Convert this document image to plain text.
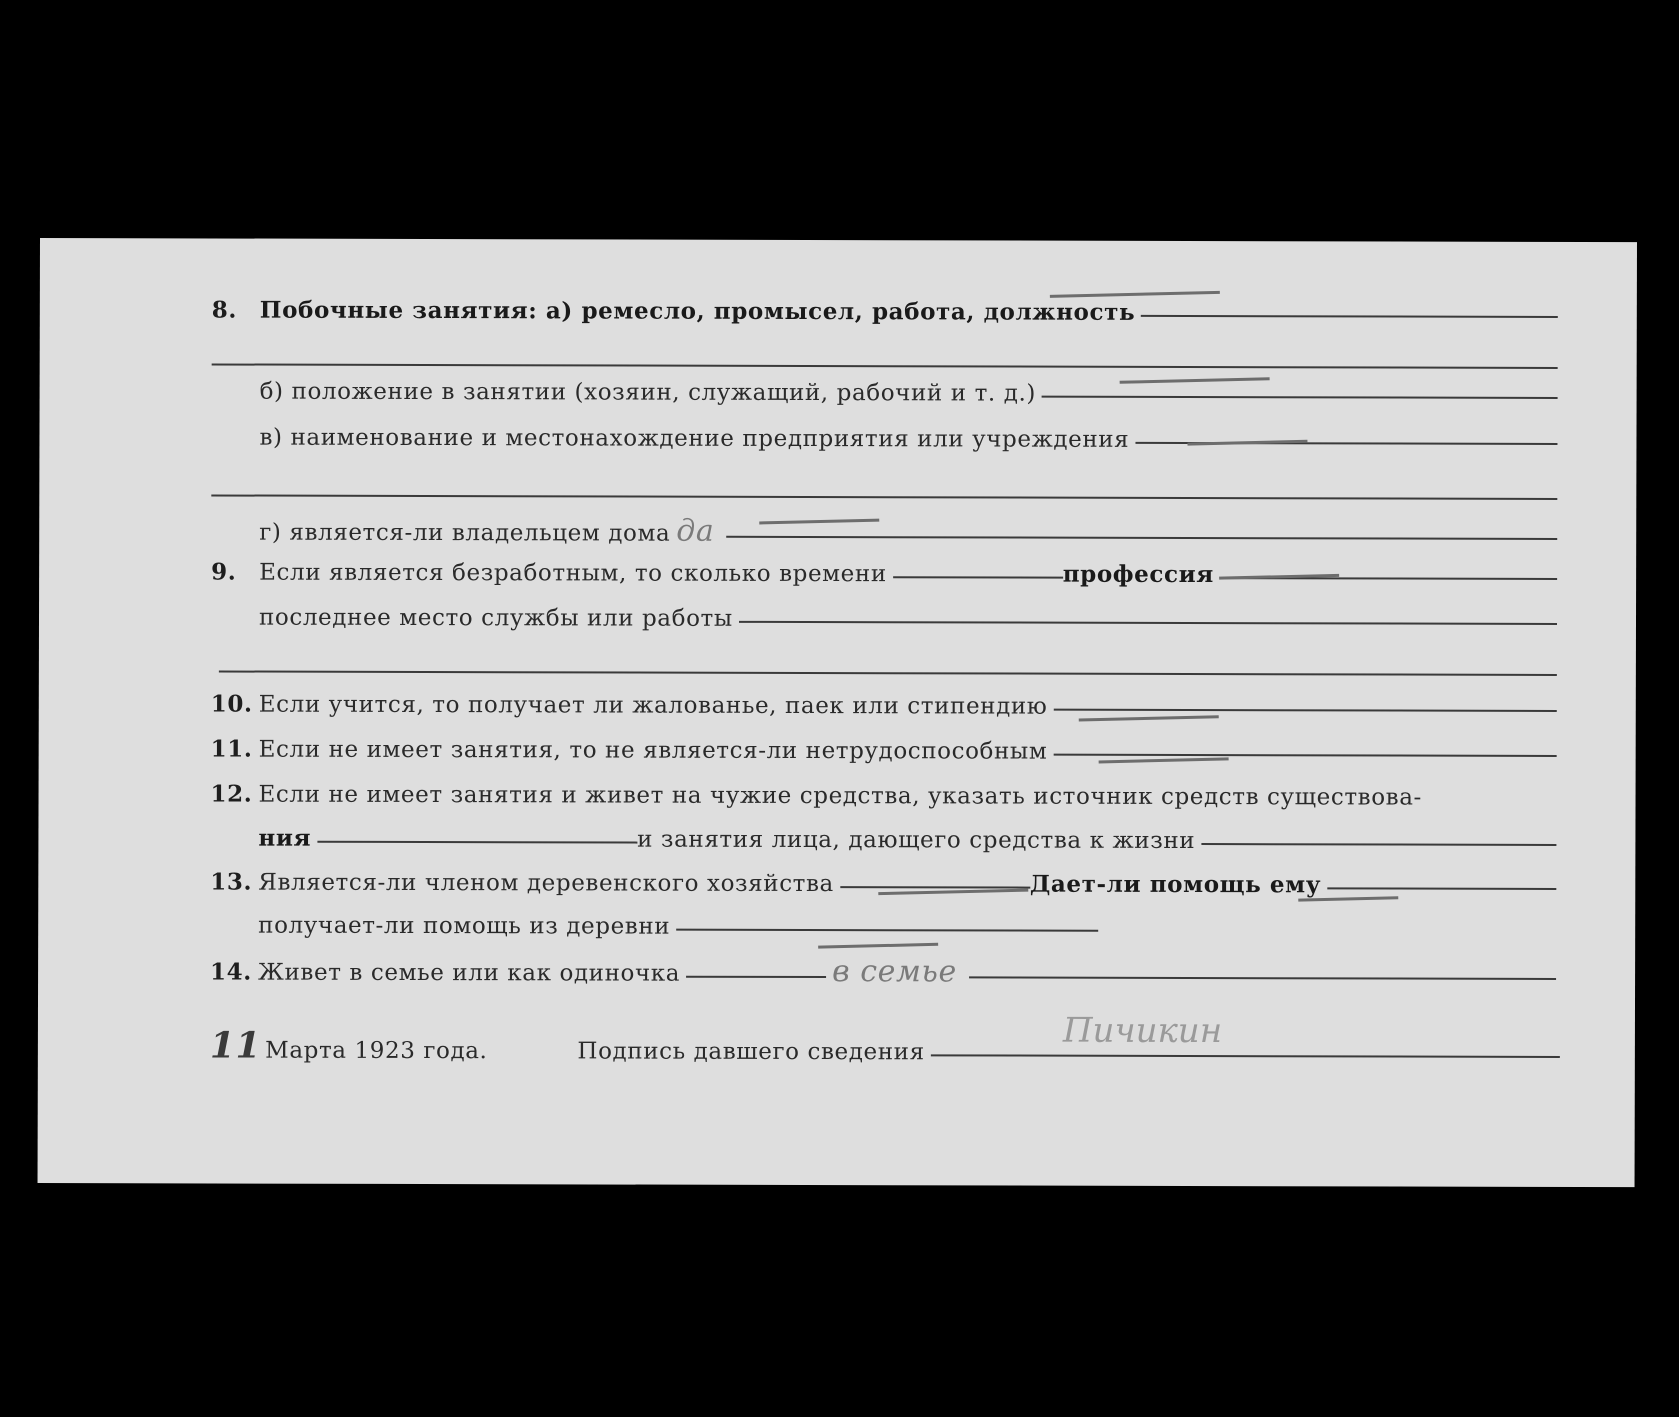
8. Побочные занятия: а) ремесло, промысел, работа, должность
б) положение в занятии (хозяин, служащий, рабочий и т. д.)
в) наименование и местонахождение предприятия или учреждения
г) является-ли владельцем дома да
9. Если является безработным, то сколько времени	профессия
последнее место службы или работы
10. Если учится, то получает ли жалованье, паек или стипендию
11. Если не имеет занятия, то не является-ли нетрудоспособным
12. Если не имеет занятия и живет на чужие средства, указать источник средств существова-
ния	и занятия лица, дающего средства к жизни
13. Является-ли членом деревенского хозяйства	Дает-ли помощь ему
получает-ли помощь из деревни
14. Живет в семье или как одиночка	в семье
11 Марта 1923 года.	Подпись давшего сведения
Пичикин
